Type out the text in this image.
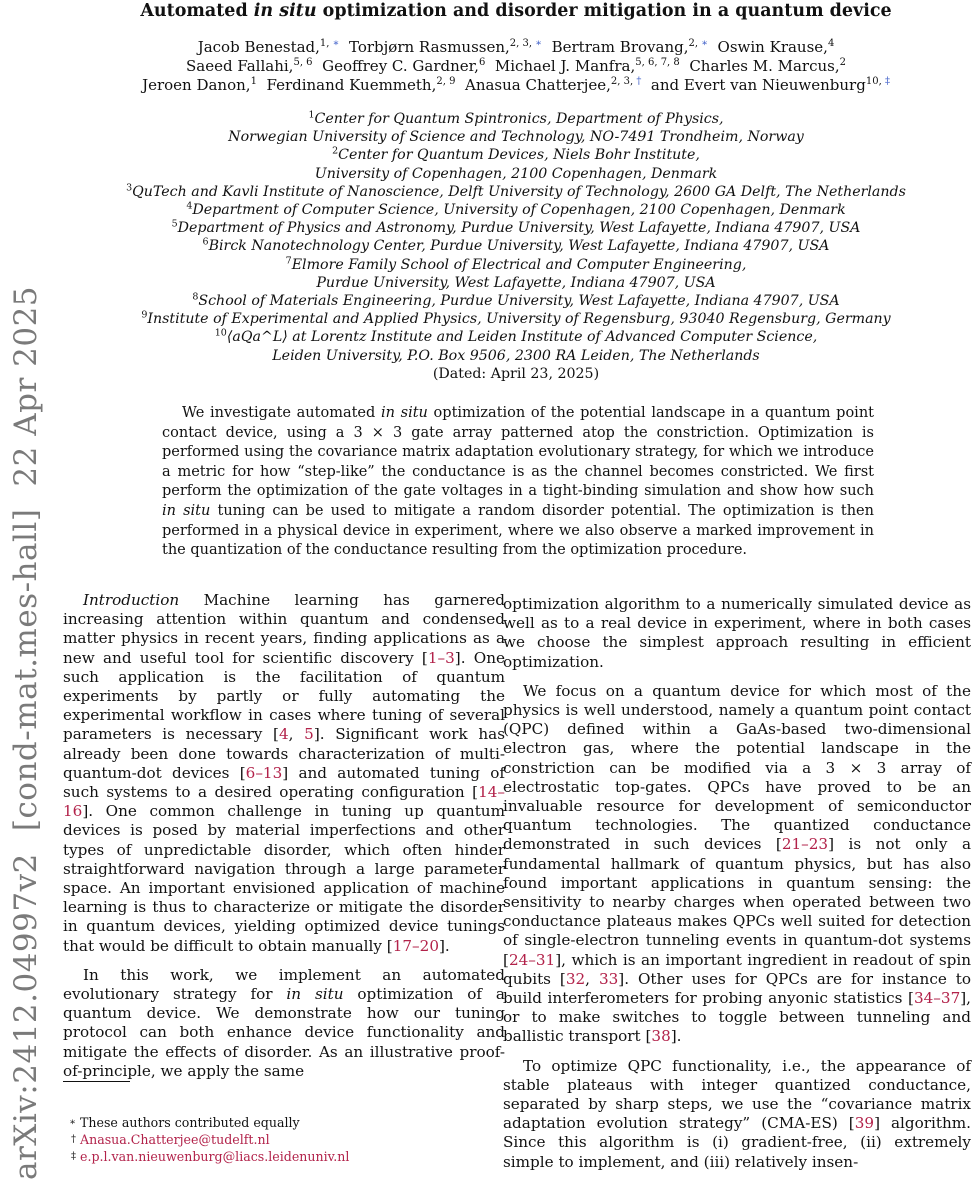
arXiv:2412.04997v2[cond-mat.mes-hall]22 Apr 2025
Automated in situ optimization and disorder mitigation in a quantum device
Jacob Benestad,$^{1, ∗}$ Torbjørn Rasmussen,$^{2, 3, ∗}$ Bertram Brovang,$^{2, ∗}$ Oswin Krause,$^4$
Saeed Fallahi,$^{5, 6}$ Geoffrey C. Gardner,$^6$ Michael J. Manfra,$^{5, 6, 7, 8}$ Charles M. Marcus,$^2$
Jeroen Danon,$^1$ Ferdinand Kuemmeth,$^{2, 9}$ Anasua Chatterjee,$^{2, 3, \dagger}$ and Evert van Nieuwenburg$^{10, \ddagger}$
$^1$Center for Quantum Spintronics, Department of Physics,
Norwegian University of Science and Technology, NO-7491 Trondheim, Norway
$^2$Center for Quantum Devices, Niels Bohr Institute,
University of Copenhagen, 2100 Copenhagen, Denmark
$^3$QuTech and Kavli Institute of Nanoscience, Delft University of Technology, 2600 GA Delft, The Netherlands
$^4$Department of Computer Science, University of Copenhagen, 2100 Copenhagen, Denmark
$^5$Department of Physics and Astronomy, Purdue University, West Lafayette, Indiana 47907, USA
$^6$Birck Nanotechnology Center, Purdue University, West Lafayette, Indiana 47907, USA
$^7$Elmore Family School of Electrical and Computer Engineering,
Purdue University, West Lafayette, Indiana 47907, USA
$^8$School of Materials Engineering, Purdue University, West Lafayette, Indiana 47907, USA
$^9$Institute of Experimental and Applied Physics, University of Regensburg, 93040 Regensburg, Germany
$^{10}$⟨aQa^L⟩ at Lorentz Institute and Leiden Institute of Advanced Computer Science,
Leiden University, P.O. Box 9506, 2300 RA Leiden, The Netherlands
(Dated: April 23, 2025)
We investigate automated in situ optimization of the potential landscape in a quantum point contact device, using a 3 × 3 gate array patterned atop the constriction. Optimization is performed using the covariance matrix adaptation evolutionary strategy, for which we introduce a metric for how “step-like” the conductance is as the channel becomes constricted. We first perform the optimization of the gate voltages in a tight-binding simulation and show how such in situ tuning can be used to mitigate a random disorder potential. The optimization is then performed in a physical device in experiment, where we also observe a marked improvement in the quantization of the conductance resulting from the optimization procedure.

Introduction Machine learning has garnered increasing attention within quantum and condensed matter physics in recent years, finding applications as a new and useful tool for scientific discovery [1–3]. One such application is the facilitation of quantum experiments by partly or fully automating the experimental workflow in cases where tuning of several parameters is necessary [4, 5]. Significant work has already been done towards characterization of multi-quantum-dot devices [6–13] and automated tuning of such systems to a desired operating configuration [14–16]. One common challenge in tuning up quantum devices is posed by material imperfections and other types of unpredictable disorder, which often hinder straightforward navigation through a large parameter space. An important envisioned application of machine learning is thus to characterize or mitigate the disorder in quantum devices, yielding optimized device tunings that would be difficult to obtain manually [17–20].

In this work, we implement an automated evolutionary strategy for in situ optimization of a quantum device. We demonstrate how our tuning protocol can both enhance device functionality and mitigate the effects of disorder. As an illustrative proof-of-principle, we apply the same

optimization algorithm to a numerically simulated device as well as to a real device in experiment, where in both cases we choose the simplest approach resulting in efficient optimization.

We focus on a quantum device for which most of the physics is well understood, namely a quantum point contact (QPC) defined within a GaAs-based two-dimensional electron gas, where the potential landscape in the constriction can be modified via a 3 × 3 array of electrostatic top-gates. QPCs have proved to be an invaluable resource for development of semiconductor quantum technologies. The quantized conductance demonstrated in such devices [21–23] is not only a fundamental hallmark of quantum physics, but has also found important applications in quantum sensing: the sensitivity to nearby charges when operated between two conductance plateaus makes QPCs well suited for detection of single-electron tunneling events in quantum-dot systems [24–31], which is an important ingredient in readout of spin qubits [32, 33]. Other uses for QPCs are for instance to build interferometers for probing anyonic statistics [34–37], or to make switches to toggle between tunneling and ballistic transport [38].

To optimize QPC functionality, i.e., the appearance of stable plateaus with integer quantized conductance, separated by sharp steps, we use the “covariance matrix adaptation evolution strategy” (CMA-ES) [39] algorithm. Since this algorithm is (i) gradient-free, (ii) extremely simple to implement, and (iii) relatively insen-

∗ These authors contributed equally
† Anasua.Chatterjee@tudelft.nl
‡ e.p.l.van.nieuwenburg@liacs.leidenuniv.nl
